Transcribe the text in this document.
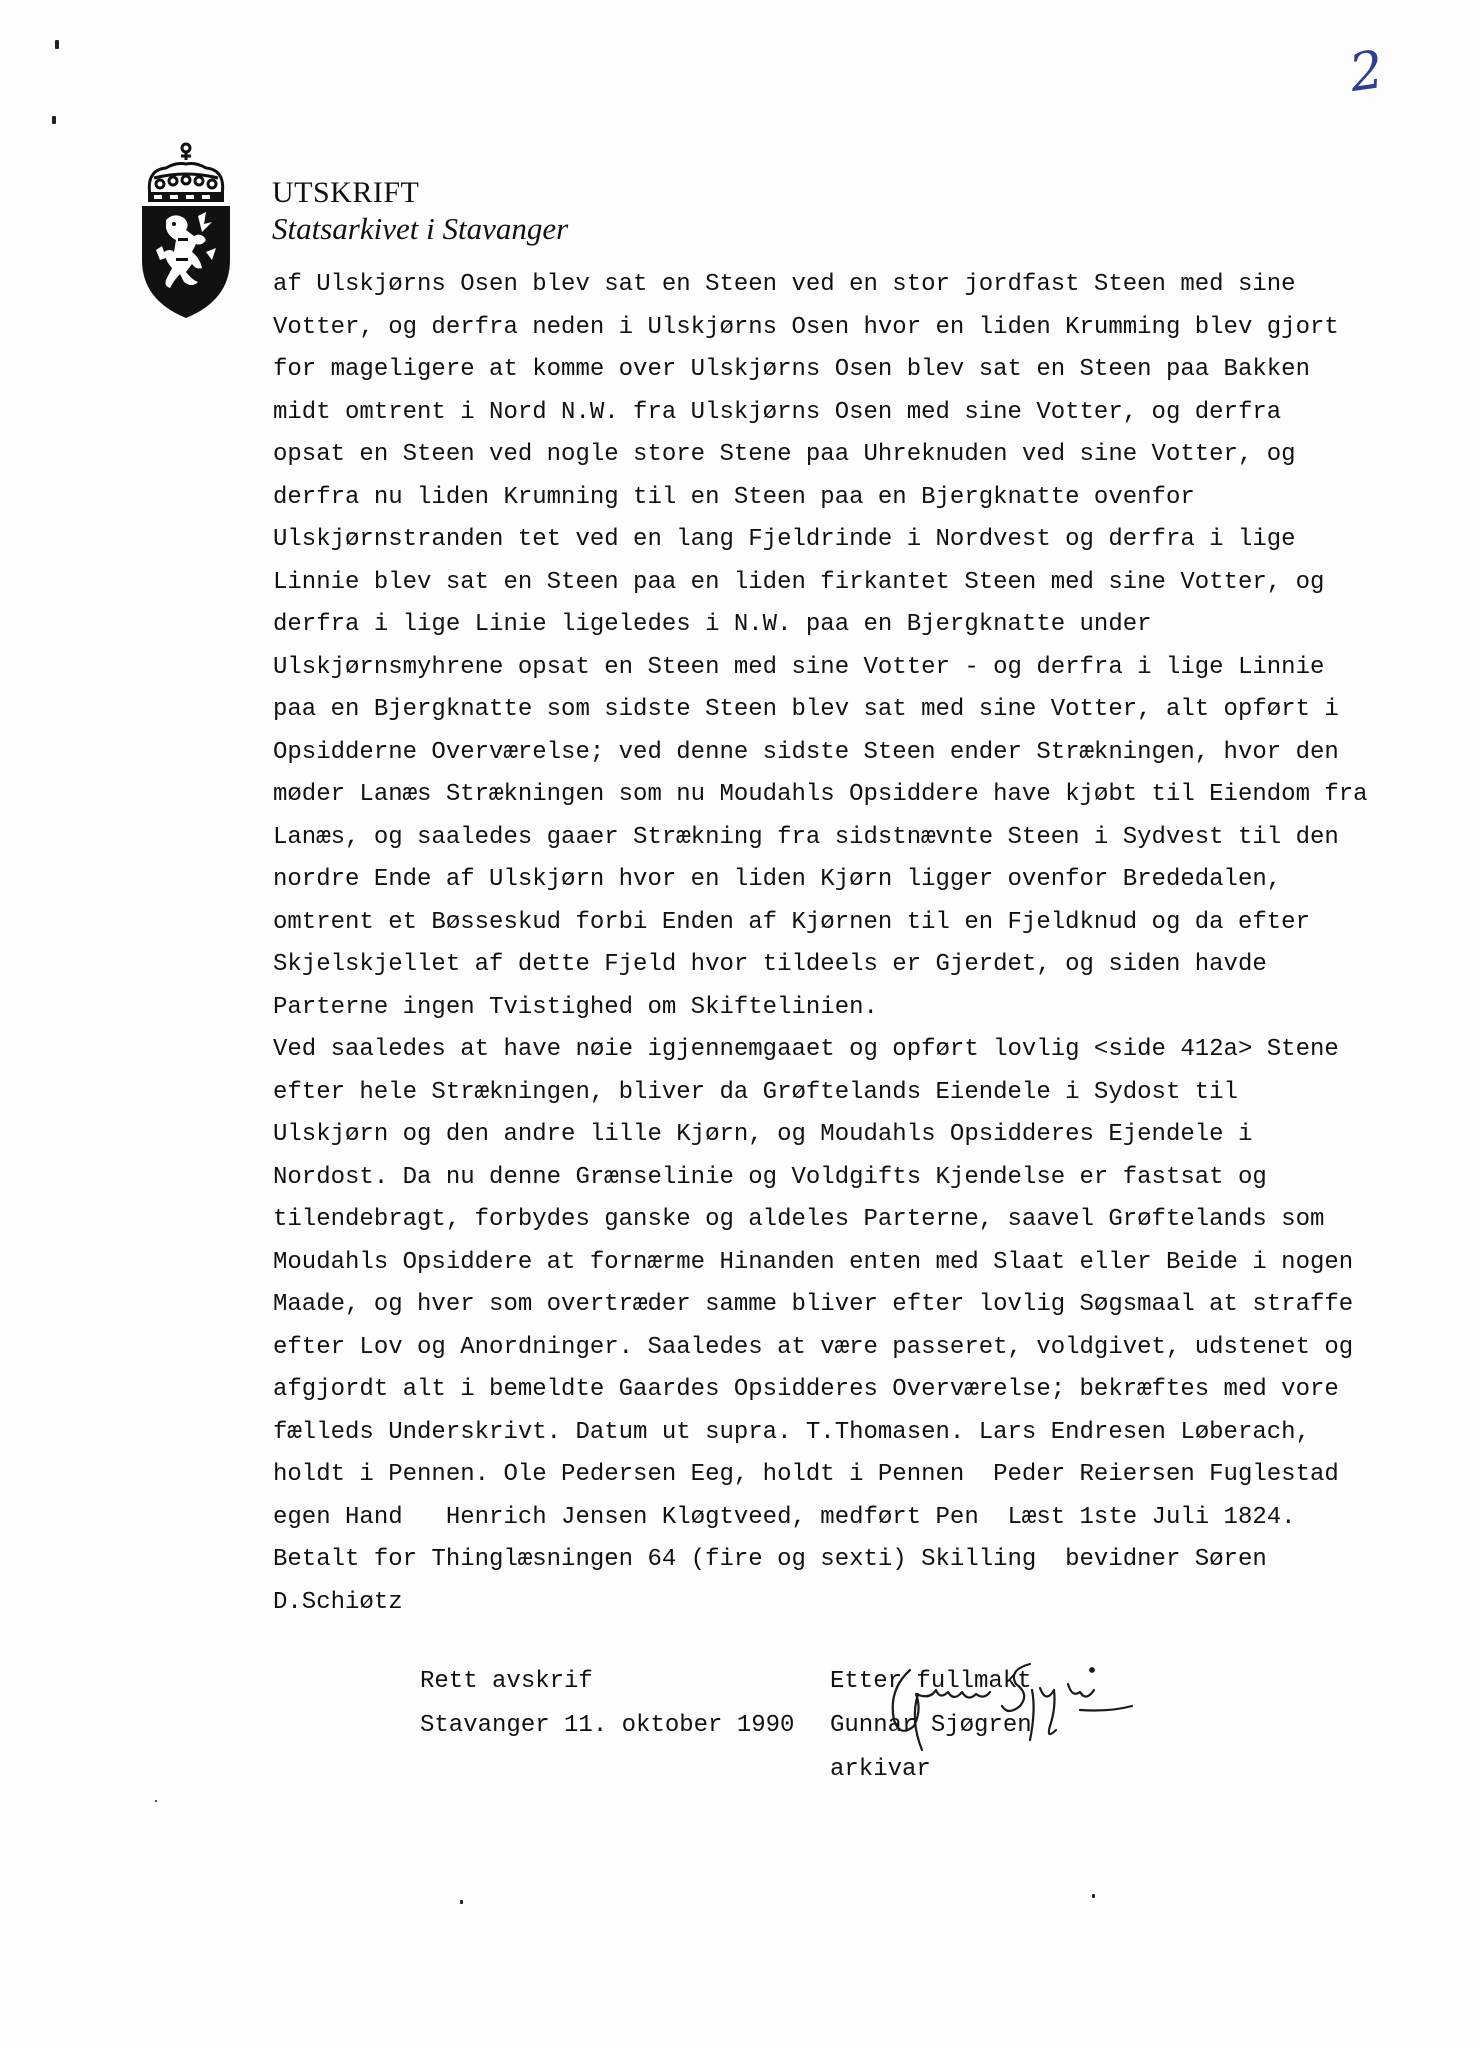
2
UTSKRIFT
Statsarkivet i Stavanger
af Ulskjørns Osen blev sat en Steen ved en stor jordfast Steen med sine
Votter, og derfra neden i Ulskjørns Osen hvor en liden Krumming blev gjort
for mageligere at komme over Ulskjørns Osen blev sat en Steen paa Bakken
midt omtrent i Nord N.W. fra Ulskjørns Osen med sine Votter, og derfra
opsat en Steen ved nogle store Stene paa Uhreknuden ved sine Votter, og
derfra nu liden Krumning til en Steen paa en Bjergknatte ovenfor
Ulskjørnstranden tet ved en lang Fjeldrinde i Nordvest og derfra i lige
Linnie blev sat en Steen paa en liden firkantet Steen med sine Votter, og
derfra i lige Linie ligeledes i N.W. paa en Bjergknatte under
Ulskjørnsmyhrene opsat en Steen med sine Votter - og derfra i lige Linnie
paa en Bjergknatte som sidste Steen blev sat med sine Votter, alt opført i
Opsidderne Overværelse; ved denne sidste Steen ender Strækningen, hvor den
møder Lanæs Strækningen som nu Moudahls Opsiddere have kjøbt til Eiendom fra
Lanæs, og saaledes gaaer Strækning fra sidstnævnte Steen i Sydvest til den
nordre Ende af Ulskjørn hvor en liden Kjørn ligger ovenfor Brededalen,
omtrent et Bøsseskud forbi Enden af Kjørnen til en Fjeldknud og da efter
Skjelskjellet af dette Fjeld hvor tildeels er Gjerdet, og siden havde
Parterne ingen Tvistighed om Skiftelinien.
Ved saaledes at have nøie igjennemgaaet og opført lovlig <side 412a> Stene
efter hele Strækningen, bliver da Grøftelands Eiendele i Sydost til
Ulskjørn og den andre lille Kjørn, og Moudahls Opsidderes Ejendele i
Nordost. Da nu denne Grænselinie og Voldgifts Kjendelse er fastsat og
tilendebragt, forbydes ganske og aldeles Parterne, saavel Grøftelands som
Moudahls Opsiddere at fornærme Hinanden enten med Slaat eller Beide i nogen
Maade, og hver som overtræder samme bliver efter lovlig Søgsmaal at straffe
efter Lov og Anordninger. Saaledes at være passeret, voldgivet, udstenet og
afgjordt alt i bemeldte Gaardes Opsidderes Overværelse; bekræftes med vore
fælleds Underskrivt. Datum ut supra. T.Thomasen. Lars Endresen Løberach,
holdt i Pennen. Ole Pedersen Eeg, holdt i Pennen  Peder Reiersen Fuglestad
egen Hand   Henrich Jensen Kløgtveed, medført Pen  Læst 1ste Juli 1824.
Betalt for Thinglæsningen 64 (fire og sexti) Skilling  bevidner Søren
D.Schiøtz
Rett avskrif
Stavanger 11. oktober 1990
Etter fullmakt
Gunnar Sjøgren
arkivar
